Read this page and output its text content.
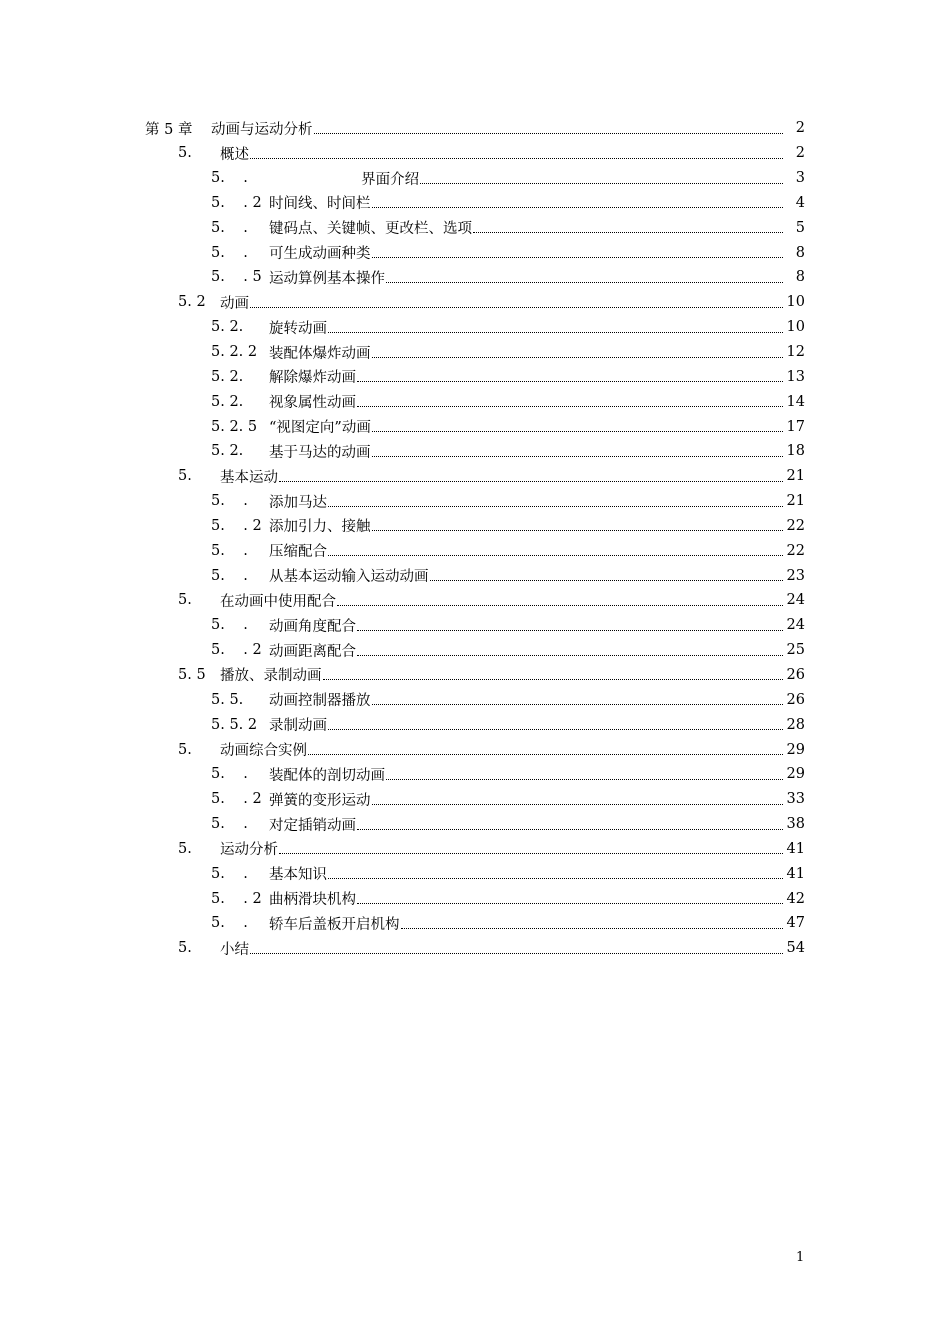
第 5 章	动画与运动分析	2
5.	概述	2
5.    .	界面介绍	3
5.    . 2 时间线、时间栏	4
5.    .	键码点、关键帧、更改栏、选项	5
5.    .	可生成动画种类	8
5.    . 5 运动算例基本操作	8
5. 2 动画	10
5. 2.	旋转动画	10
5. 2. 2 装配体爆炸动画	12
5. 2.	解除爆炸动画	13
5. 2.	视象属性动画	14
5. 2. 5 “视图定向”动画	17
5. 2.	基于马达的动画	18
5.	基本运动	21
5.    .	添加马达	21
5.    . 2 添加引力、接触	22
5.    .	压缩配合	22
5.    .	从基本运动输入运动动画	23
5.	在动画中使用配合	24
5.    .	动画角度配合	24
5.    . 2 动画距离配合	25
5. 5 播放、录制动画	26
5. 5.	动画控制器播放	26
5. 5. 2 录制动画	28
5.	动画综合实例	29
5.    .	装配体的剖切动画	29
5.    . 2 弹簧的变形运动	33
5.    .	对定插销动画	38
5.	运动分析	41
5.    .	基本知识	41
5.    . 2 曲柄滑块机构	42
5.    .	轿车后盖板开启机构	47
5.	小结	54
1
